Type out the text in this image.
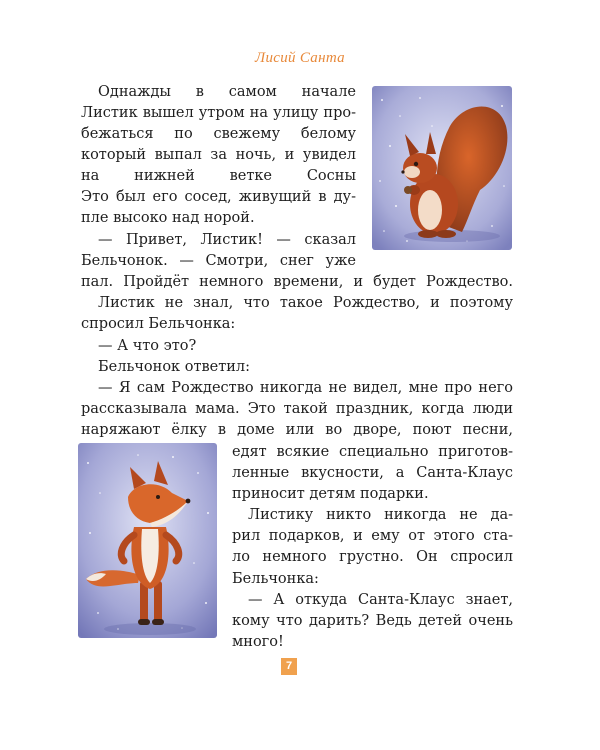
Лисий Санта
Однажды в самом начале
Листик вышел утром на улицу про-
бежаться по свежему белому
который выпал за ночь, и увидел
на нижней ветке Сосны
Это был его сосед, живущий в ду-
пле высоко над норой.
— Привет, Листик! — сказал
Бельчонок. — Смотри, снег уже
пал. Пройдёт немного времени, и будет Рождество.
Листик не знал, что такое Рождество, и поэтому
спросил Бельчонка:
— А что это?
Бельчонок ответил:
— Я сам Рождество никогда не видел, мне про него
рассказывала мама. Это такой праздник, когда люди
наряжают ёлку в доме или во дворе, поют песни,
едят всякие специально приготов-
ленные вкусности, а Санта-Клаус
приносит детям подарки.
Листику никто никогда не да-
рил подарков, и ему от этого ста-
ло немного грустно. Он спросил
Бельчонка:
— А откуда Санта-Клаус знает,
кому что дарить? Ведь детей очень
много!
7
